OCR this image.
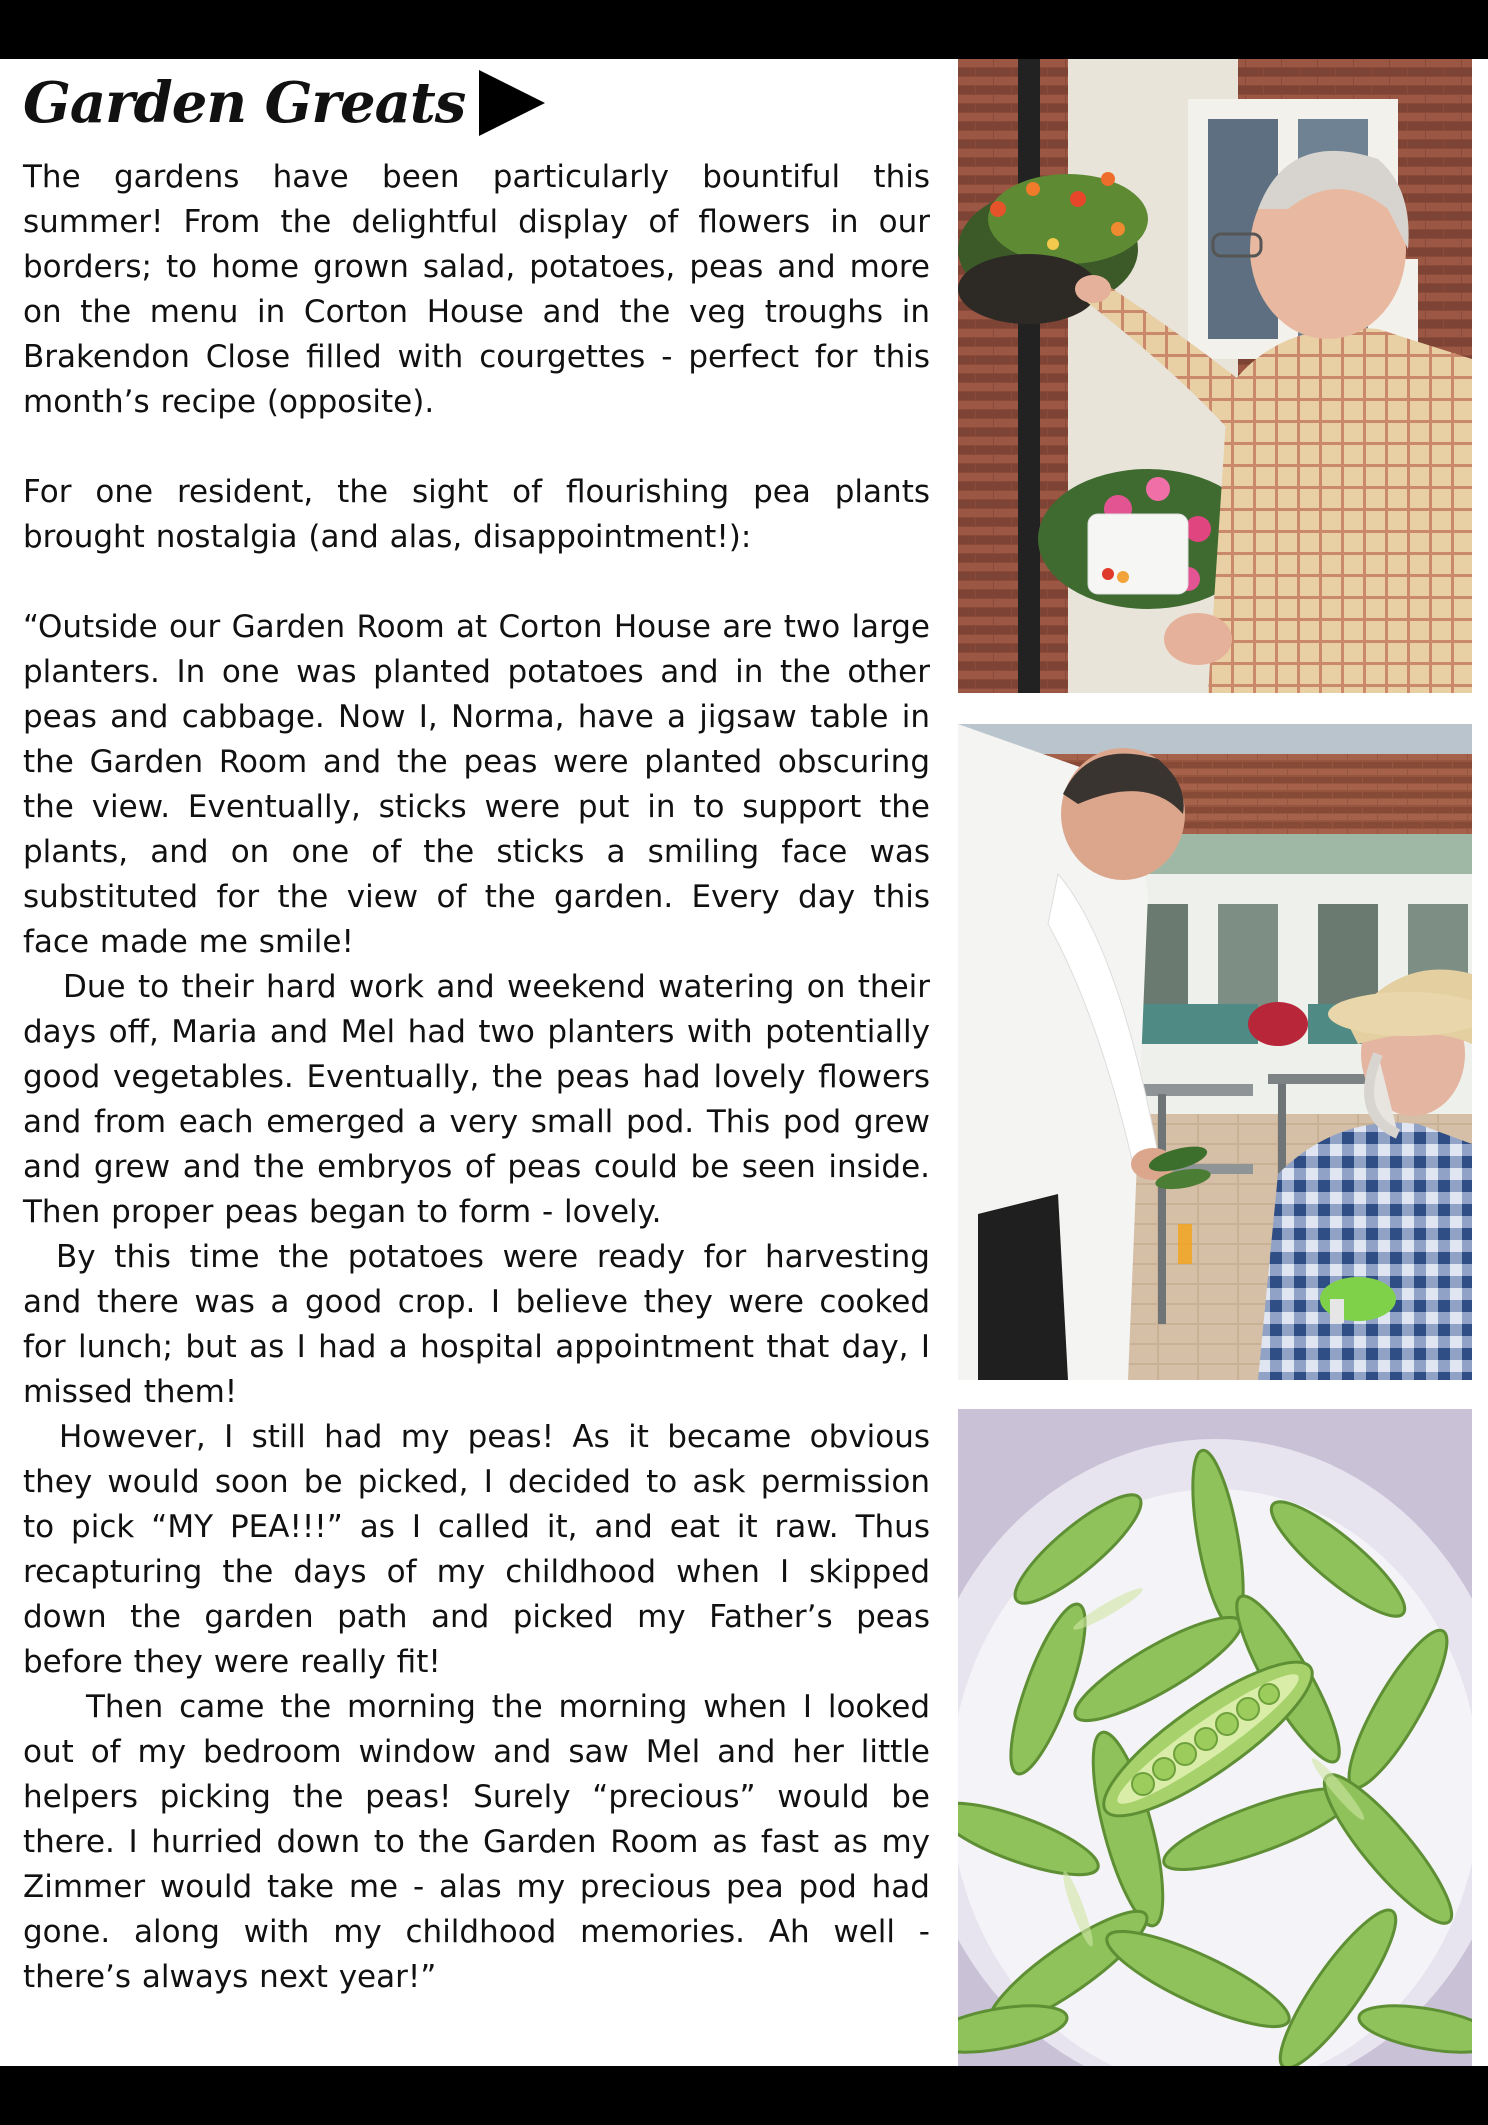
Garden Greats

The gardens have been particularly bountiful this summer! From the delightful display of flowers in our borders; to home grown salad, potatoes, peas and more on the menu in Corton House and the veg troughs in Brakendon Close filled with courgettes - perfect for this month’s recipe (opposite).

For one resident, the sight of flourishing pea plants brought nostalgia (and alas, disappointment!):

“Outside our Garden Room at Corton House are two large planters. In one was planted potatoes and in the other peas and cabbage. Now I, Norma, have a jigsaw table in the Garden Room and the peas were planted obscuring the view. Eventually, sticks were put in to support the plants, and on one of the sticks a smiling face was substituted for the view of the garden. Every day this face made me smile!

Due to their hard work and weekend watering on their days off, Maria and Mel had two planters with potentially good vegetables. Eventually, the peas had lovely flowers and from each emerged a very small pod. This pod grew and grew and the embryos of peas could be seen inside. Then proper peas began to form - lovely.

By this time the potatoes were ready for harvesting and there was a good crop. I believe they were cooked for lunch; but as I had a hospital appointment that day, I missed them!

However, I still had my peas! As it became obvious they would soon be picked, I decided to ask permission to pick “MY PEA!!!” as I called it, and eat it raw. Thus recapturing the days of my childhood when I skipped down the garden path and picked my Father’s peas before they were really fit!

Then came the morning the morning when I looked out of my bedroom window and saw Mel and her little helpers picking the peas! Surely “precious” would be there. I hurried down to the Garden Room as fast as my Zimmer would take me - alas my precious pea pod had gone. along with my childhood memories. Ah well - there’s always next year!”
